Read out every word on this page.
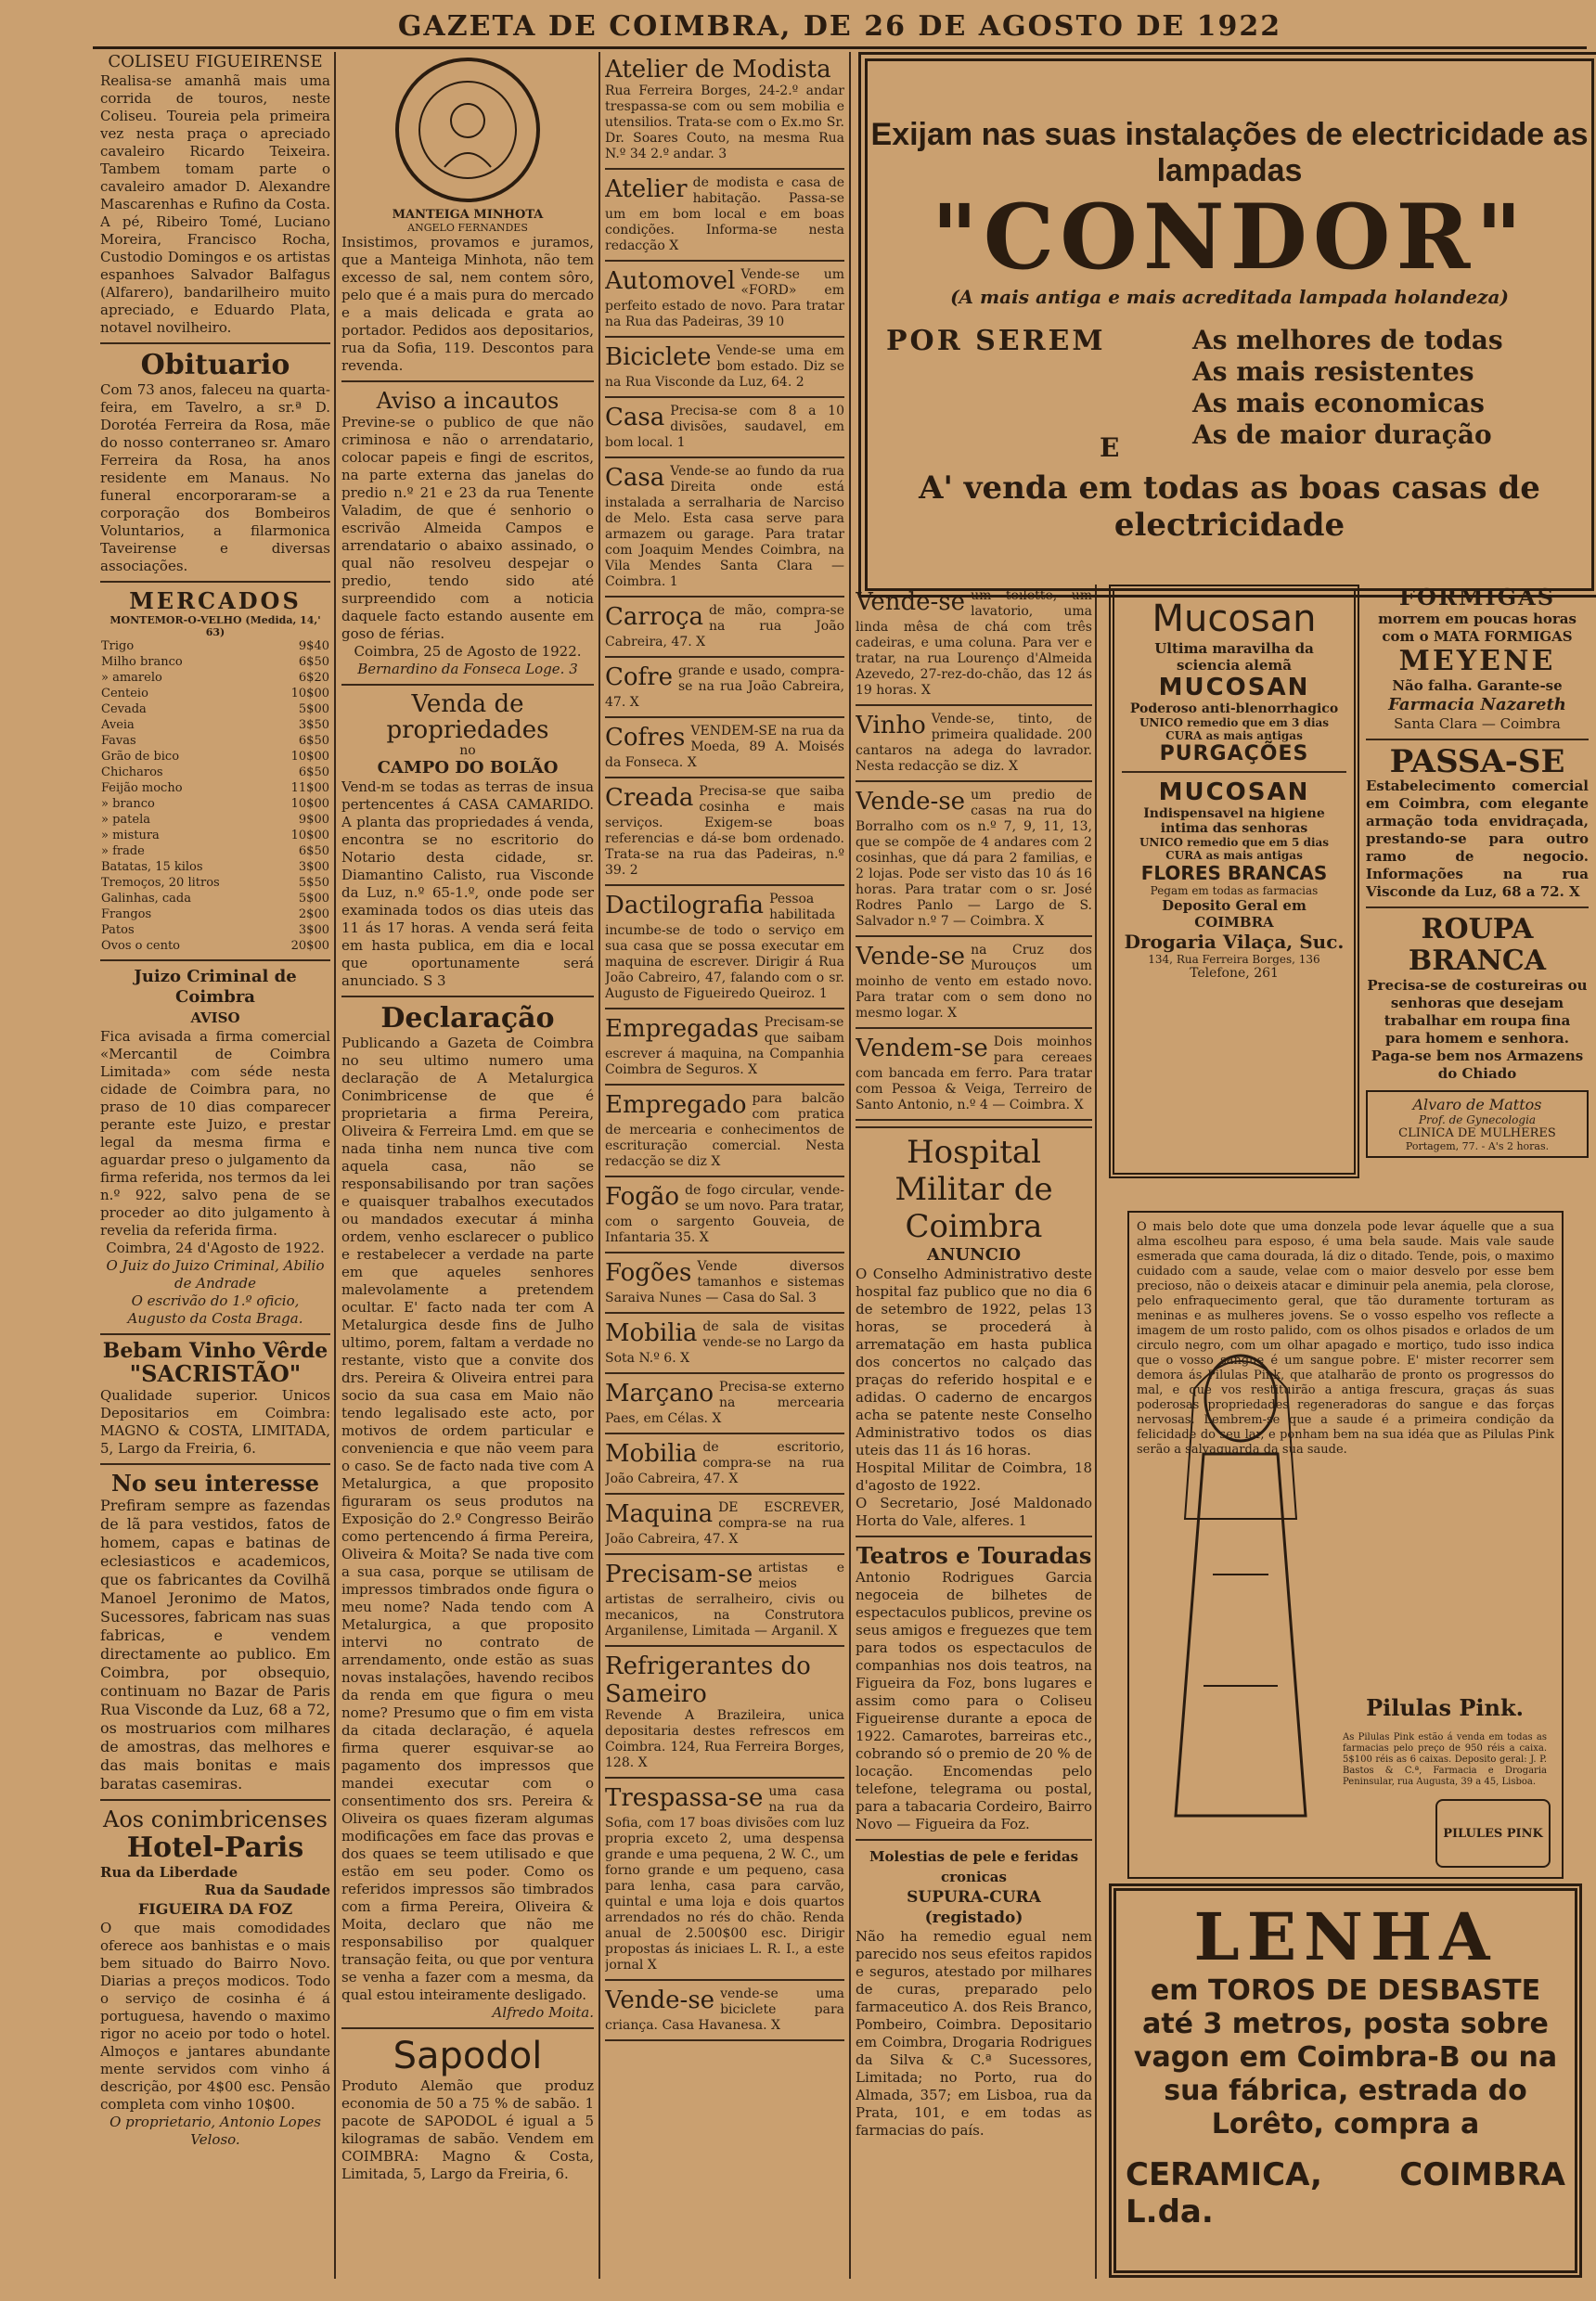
GAZETA DE COIMBRA, DE 26 DE AGOSTO DE 1922
COLISEU FIGUEIRENSE
Realisa-se amanhã mais uma corrida de touros, neste Coliseu. Toureia pela primeira vez nesta praça o apreciado cavaleiro Ricardo Teixeira. Tambem tomam parte o cavaleiro amador D. Alexandre Mascarenhas e Rufino da Costa. A pé, Ribeiro Tomé, Luciano Moreira, Francisco Rocha, Custodio Domingos e os artistas espanhoes Salvador Balfagus (Alfarero), bandarilheiro muito apreciado, e Eduardo Plata, notavel novilheiro.
Obituario
Com 73 anos, faleceu na quarta-feira, em Tavelro, a sr.ª D. Dorotéa Ferreira da Rosa, mãe do nosso conterraneo sr. Amaro Ferreira da Rosa, ha anos residente em Manaus. No funeral encorporaram-se a corporação dos Bombeiros Voluntarios, a filarmonica Taveirense e diversas associações.
MERCADOS
MONTEMOR-O-VELHO (Medida, 14,' 63)
Trigo	9$40
Milho branco	6$50
» amarelo	6$20
Centeio	10$00
Cevada	5$00
Aveia	3$50
Favas	6$50
Grão de bico	10$00
Chicharos	6$50
Feijão mocho	11$00
» branco	10$00
» patela	9$00
» mistura	10$00
» frade	6$50
Batatas, 15 kilos	3$00
Tremoços, 20 litros	5$50
Galinhas, cada	5$00
Frangos	2$00
Patos	3$00
Ovos o cento	20$00
Juizo Criminal de Coimbra
AVISO
Fica avisada a firma comercial «Mercantil de Coimbra Limitada» com séde nesta cidade de Coimbra para, no praso de 10 dias comparecer perante este Juizo, e prestar legal da mesma firma e aguardar preso o julgamento da firma referida, nos termos da lei n.º 922, salvo pena de se proceder ao dito julgamento à revelia da referida firma.
Coimbra, 24 d'Agosto de 1922.
O Juiz do Juizo Criminal, Abilio de Andrade
O escrivão do 1.º oficio, Augusto da Costa Braga.
Bebam Vinho Vêrde
"SACRISTÃO"
Qualidade superior. Unicos Depositarios em Coimbra: MAGNO & COSTA, LIMITADA, 5, Largo da Freiria, 6.
No seu interesse
Prefiram sempre as fazendas de lã para vestidos, fatos de homem, capas e batinas de eclesiasticos e academicos, que os fabricantes da Covilhã Manoel Jeronimo de Matos, Sucessores, fabricam nas suas fabricas, e vendem directamente ao publico. Em Coimbra, por obsequio, continuam no Bazar de Paris Rua Visconde da Luz, 68 a 72, os mostruarios com milhares de amostras, das melhores e das mais bonitas e mais baratas casemiras.
Aos conimbricenses
Hotel-Paris
Rua da Liberdade
Rua da Saudade
FIGUEIRA DA FOZ
O que mais comodidades oferece aos banhistas e o mais bem situado do Bairro Novo. Diarias a preços modicos. Todo o serviço de cosinha é á portuguesa, havendo o maximo rigor no aceio por todo o hotel. Almoços e jantares abundante mente servidos com vinho á descrição, por 4$00 esc. Pensão completa com vinho 10$00.
O proprietario, Antonio Lopes Veloso.
MANTEIGA MINHOTA
ANGELO FERNANDES
Insistimos, provamos e juramos, que a Manteiga Minhota, não tem excesso de sal, nem contem sôro, pelo que é a mais pura do mercado e a mais delicada e grata ao portador. Pedidos aos depositarios, rua da Sofia, 119. Descontos para revenda.
Aviso a incautos
Previne-se o publico de que não criminosa e não o arrendatario, colocar papeis e fingi de escritos, na parte externa das janelas do predio n.º 21 e 23 da rua Tenente Valadim, de que é senhorio o escrivão Almeida Campos e arrendatario o abaixo assinado, o qual não resolveu despejar o predio, tendo sido até surpreendido com a noticia daquele facto estando ausente em goso de férias.
Coimbra, 25 de Agosto de 1922.
Bernardino da Fonseca Loge. 3
Venda de propriedades
no
CAMPO DO BOLÃO
Vend-m se todas as terras de insua pertencentes á CASA CAMARIDO. A planta das propriedades á venda, encontra se no escritorio do Notario desta cidade, sr. Diamantino Calisto, rua Visconde da Luz, n.º 65-1.º, onde pode ser examinada todos os dias uteis das 11 ás 17 horas. A venda será feita em hasta publica, em dia e local que oportunamente será anunciado. S 3
Declaração
Publicando a Gazeta de Coimbra no seu ultimo numero uma declaração de A Metalurgica Conimbricense de que é proprietaria a firma Pereira, Oliveira & Ferreira Lmd. em que se nada tinha nem nunca tive com aquela casa, não se responsabilisando por tran sações e quaisquer trabalhos executados ou mandados executar á minha ordem, venho esclarecer o publico e restabelecer a verdade na parte em que aqueles senhores malevolamente a pretendem ocultar. E' facto nada ter com A Metalurgica desde fins de Julho ultimo, porem, faltam a verdade no restante, visto que a convite dos drs. Pereira & Oliveira entrei para socio da sua casa em Maio não tendo legalisado este acto, por motivos de ordem particular e conveniencia e que não veem para o caso. Se de facto nada tive com A Metalurgica, a que proposito figuraram os seus produtos na Exposição do 2.º Congresso Beirão como pertencendo á firma Pereira, Oliveira & Moita? Se nada tive com a sua casa, porque se utilisam de impressos timbrados onde figura o meu nome? Nada tendo com A Metalurgica, a que proposito intervi no contrato de arrendamento, onde estão as suas novas instalações, havendo recibos da renda em que figura o meu nome? Presumo que o fim em vista da citada declaração, é aquela firma querer esquivar-se ao pagamento dos impressos que mandei executar com o consentimento dos srs. Pereira & Oliveira os quaes fizeram algumas modificações em face das provas e dos quaes se teem utilisado e que estão em seu poder. Como os referidos impressos são timbrados com a firma Pereira, Oliveira & Moita, declaro que não me responsabiliso por qualquer transação feita, ou que por ventura se venha a fazer com a mesma, da qual estou inteiramente desligado.
Alfredo Moita.
Sapodol
Produto Alemão que produz economia de 50 a 75 % de sabão. 1 pacote de SAPODOL é igual a 5 kilogramas de sabão. Vendem em COIMBRA: Magno & Costa, Limitada, 5, Largo da Freiria, 6.
Atelier de Modista
Rua Ferreira Borges, 24-2.º andar trespassa-se com ou sem mobilia e utensilios. Trata-se com o Ex.mo Sr. Dr. Soares Couto, na mesma Rua N.º 34 2.º andar. 3
Atelier de modista e casa de habitação. Passa-se um em bom local e em boas condições. Informa-se nesta redacção X
Automovel Vende-se um «FORD» em perfeito estado de novo. Para tratar na Rua das Padeiras, 39 10
Biciclete Vende-se uma em bom estado. Diz se na Rua Visconde da Luz, 64. 2
Casa Precisa-se com 8 a 10 divisões, saudavel, em bom local. 1
Casa Vende-se ao fundo da rua Direita onde está instalada a serralharia de Narciso de Melo. Esta casa serve para armazem ou garage. Para tratar com Joaquim Mendes Coimbra, na Vila Mendes Santa Clara — Coimbra. 1
Carroça de mão, compra-se na rua João Cabreira, 47. X
Cofre grande e usado, compra-se na rua João Cabreira, 47. X
Cofres VENDEM-SE na rua da Moeda, 89 A. Moisés da Fonseca. X
Creada Precisa-se que saiba cosinha e mais serviços. Exigem-se boas referencias e dá-se bom ordenado. Trata-se na rua das Padeiras, n.º 39. 2
Dactilografia Pessoa habilitada incumbe-se de todo o serviço em sua casa que se possa executar em maquina de escrever. Dirigir á Rua João Cabreiro, 47, falando com o sr. Augusto de Figueiredo Queiroz. 1
Empregadas Precisam-se que saibam escrever á maquina, na Companhia Coimbra de Seguros. X
Empregado para balcão com pratica de mercearia e conhecimentos de escrituração comercial. Nesta redacção se diz X
Fogão de fogo circular, vende-se um novo. Para tratar, com o sargento Gouveia, de Infantaria 35. X
Fogões Vende diversos tamanhos e sistemas Saraiva Nunes — Casa do Sal. 3
Mobilia de sala de visitas vende-se no Largo da Sota N.º 6. X
Marçano Precisa-se externo na mercearia Paes, em Célas. X
Mobilia de escritorio, compra-se na rua João Cabreira, 47. X
Maquina DE ESCREVER, compra-se na rua João Cabreira, 47. X
Precisam-se artistas e meios artistas de serralheiro, civis ou mecanicos, na Construtora Arganilense, Limitada — Arganil. X
Refrigerantes do Sameiro
Revende A Brazileira, unica depositaria destes refrescos em Coimbra. 124, Rua Ferreira Borges, 128. X
Trespassa-se uma casa na rua da Sofia, com 17 boas divisões com luz propria exceto 2, uma despensa grande e uma pequena, 2 W. C., um forno grande e um pequeno, casa para lenha, casa para carvão, quintal e uma loja e dois quartos arrendados no rés do chão. Renda anual de 2.500$00 esc. Dirigir propostas ás iniciaes L. R. I., a este jornal X
Vende-se vende-se uma biciclete para criança. Casa Havanesa. X
Exijam nas suas instalações de electricidade as lampadas
"CONDOR"
(A mais antiga e mais acreditada lampada holandeza)
POR SEREM	As melhores de todas
As mais resistentes
As mais economicas
As de maior duração
A' venda em todas as boas casas de electricidade
E
Vende-se um toilette, um lavatorio, uma linda mêsa de chá com três cadeiras, e uma coluna. Para ver e tratar, na rua Lourenço d'Almeida Azevedo, 27-rez-do-chão, das 12 ás 19 horas. X
Vinho Vende-se, tinto, de primeira qualidade. 200 cantaros na adega do lavrador. Nesta redacção se diz. X
Vende-se um predio de casas na rua do Borralho com os n.º 7, 9, 11, 13, que se compõe de 4 andares com 2 cosinhas, que dá para 2 familias, e 2 lojas. Pode ser visto das 10 ás 16 horas. Para tratar com o sr. José Rodres Panlo — Largo de S. Salvador n.º 7 — Coimbra. X
Vende-se na Cruz dos Murouços um moinho de vento em estado novo. Para tratar com o sem dono no mesmo logar. X
Vendem-se Dois moinhos para cereaes com bancada em ferro. Para tratar com Pessoa & Veiga, Terreiro de Santo Antonio, n.º 4 — Coimbra. X
Hospital Militar de Coimbra
ANUNCIO
O Conselho Administrativo deste hospital faz publico que no dia 6 de setembro de 1922, pelas 13 horas, se procederá à arrematação em hasta publica dos concertos no calçado das praças do referido hospital e e adidas. O caderno de encargos acha se patente neste Conselho Administrativo todos os dias uteis das 11 ás 16 horas.
Hospital Militar de Coimbra, 18 d'agosto de 1922.
O Secretario, José Maldonado Horta do Vale, alferes. 1
Teatros e Touradas
Antonio Rodrigues Garcia negoceia de bilhetes de espectaculos publicos, previne os seus amigos e freguezes que tem para todos os espectaculos de companhias nos dois teatros, na Figueira da Foz, bons lugares e assim como para o Coliseu Figueirense durante a epoca de 1922. Camarotes, barreiras etc., cobrando só o premio de 20 % de locação. Encomendas pelo telefone, telegrama ou postal, para a tabacaria Cordeiro, Bairro Novo — Figueira da Foz.
Molestias de pele e feridas cronicas
SUPURA-CURA (registado)
Não ha remedio egual nem parecido nos seus efeitos rapidos e seguros, atestado por milhares de curas, preparado pelo farmaceutico A. dos Reis Branco, Pombeiro, Coimbra. Depositario em Coimbra, Drogaria Rodrigues da Silva & C.ª Sucessores, Limitada; no Porto, rua do Almada, 357; em Lisboa, rua da Prata, 101, e em todas as farmacias do país.
Mucosan
Ultima maravilha da sciencia alemã
MUCOSAN
Poderoso anti-blenorrhagico
UNICO remedio que em 3 dias CURA as mais antigas
PURGAÇÕES
MUCOSAN
Indispensavel na higiene intima das senhoras
UNICO remedio que em 5 dias CURA as mais antigas
FLORES BRANCAS
Pegam em todas as farmacias
Deposito Geral em COIMBRA
Drogaria Vilaça, Suc.
134, Rua Ferreira Borges, 136
Telefone, 261
FORMIGAS
morrem em poucas horas com o MATA FORMIGAS
MEYENE
Não falha. Garante-se
Farmacia Nazareth
Santa Clara — Coimbra
PASSA-SE
Estabelecimento comercial em Coimbra, com elegante armação toda envidraçada, prestando-se para outro ramo de negocio. Informações na rua Visconde da Luz, 68 a 72. X
ROUPA BRANCA
Precisa-se de costureiras ou senhoras que desejam trabalhar em roupa fina para homem e senhora. Paga-se bem nos Armazens do Chiado
Alvaro de Mattos
Prof. de Gynecologia
CLINICA DE MULHERES
Portagem, 77. - A's 2 horas.
O mais belo dote que uma donzela pode levar áquelle que a sua alma escolheu para esposo, é uma bela saude. Mais vale saude esmerada que cama dourada, lá diz o ditado. Tende, pois, o maximo cuidado com a saude, velae com o maior desvelo por esse bem precioso, não o deixeis atacar e diminuir pela anemia, pela clorose, pelo enfraquecimento geral, que tão duramente torturam as meninas e as mulheres jovens. Se o vosso espelho vos reflecte a imagem de um rosto palido, com os olhos pisados e orlados de um circulo negro, com um olhar apagado e mortiço, tudo isso indica que o vosso sangue é um sangue pobre. E' mister recorrer sem demora ás Pilulas Pink, que atalharão de pronto os progressos do mal, e que vos restituirão a antiga frescura, graças ás suas poderosas propriedades regeneradoras do sangue e das forças nervosas. Lembrem-se que a saude é a primeira condição da felicidade do seu lar, e ponham bem na sua idéa que as Pilulas Pink serão a salvaguarda da sua saude.
Pilulas Pink.
As Pilulas Pink estão á venda em todas as farmacias pelo preço de 950 réis a caixa. 5$100 réis as 6 caixas. Deposito geral: J. P. Bastos & C.ª, Farmacia e Drogaria Peninsular, rua Augusta, 39 a 45, Lisboa.
PILULES PINK
LENHA
em TOROS DE DESBASTE até 3 metros, posta sobre vagon em Coimbra-B ou na sua fábrica, estrada do Lorêto, compra a
CERAMICA, L.da.
COIMBRA
